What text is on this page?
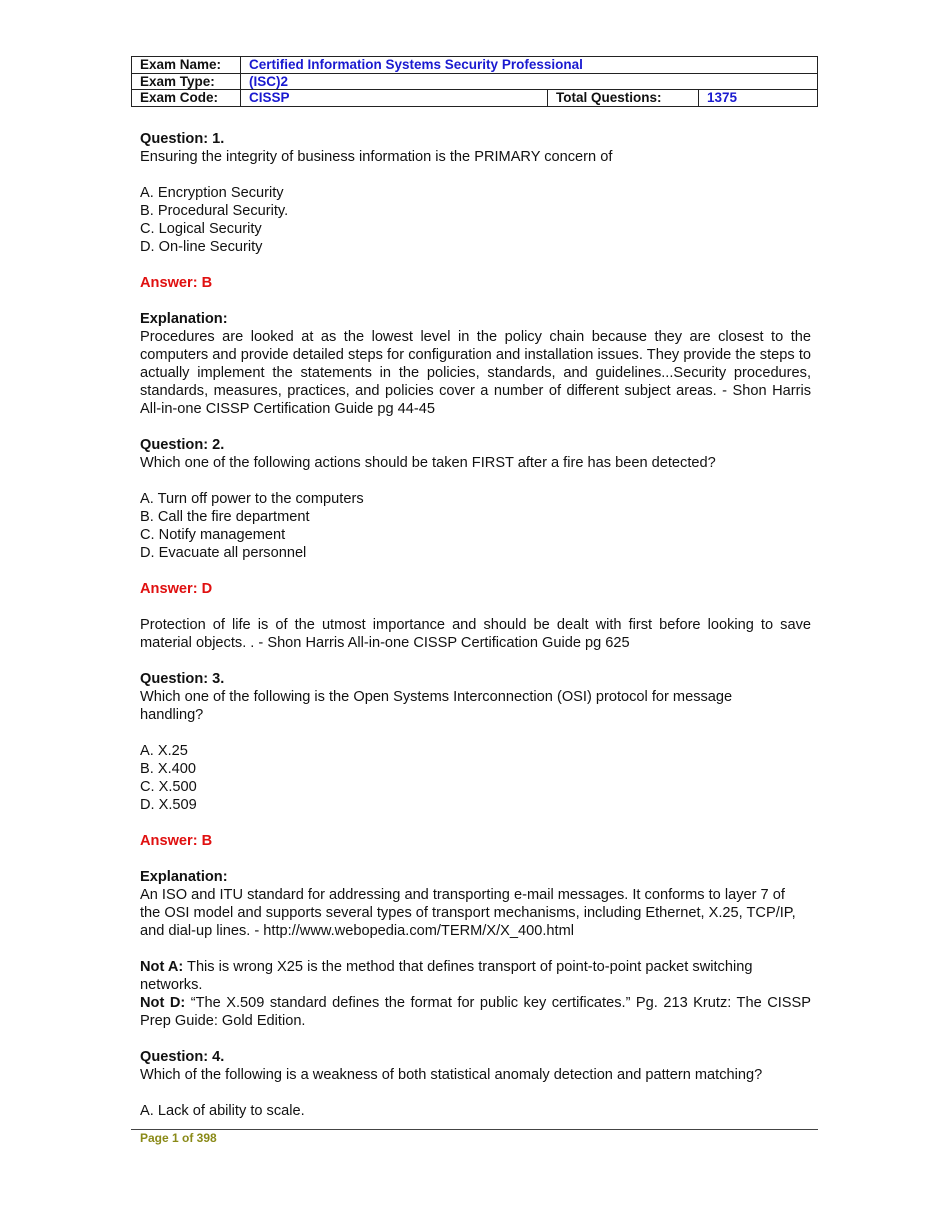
Exam Name:	Certified Information Systems Security Professional		
Exam Type:	(ISC)2		
Exam Code:	CISSP	Total Questions:	1375
Question: 1.
Ensuring the integrity of business information is the PRIMARY concern of
A. Encryption Security
B. Procedural Security.
C. Logical Security
D. On-line Security
Answer: B
Explanation:
Procedures are looked at as the lowest level in the policy chain because they are closest to the computers and provide detailed steps for configuration and installation issues. They provide the steps to actually implement the statements in the policies, standards, and guidelines...Security procedures, standards, measures, practices, and policies cover a number of different subject areas. - Shon Harris All-in-one CISSP Certification Guide pg 44-45
Question: 2.
Which one of the following actions should be taken FIRST after a fire has been detected?
A. Turn off power to the computers
B. Call the fire department
C. Notify management
D. Evacuate all personnel
Answer: D
Protection of life is of the utmost importance and should be dealt with first before looking to save material objects. . - Shon Harris All-in-one CISSP Certification Guide pg 625
Question: 3.
Which one of the following is the Open Systems Interconnection (OSI) protocol for message handling?
A. X.25
B. X.400
C. X.500
D. X.509
Answer: B
Explanation:
An ISO and ITU standard for addressing and transporting e-mail messages. It conforms to layer 7 of the OSI model and supports several types of transport mechanisms, including Ethernet, X.25, TCP/IP, and dial-up lines. - http://www.webopedia.com/TERM/X/X_400.html
Not A: This is wrong X25 is the method that defines transport of point-to-point packet switching networks.
Not D: “The X.509 standard defines the format for public key certificates.” Pg. 213 Krutz: The CISSP Prep Guide: Gold Edition.
Question: 4.
Which of the following is a weakness of both statistical anomaly detection and pattern matching?
A. Lack of ability to scale.
Page 1 of 398
